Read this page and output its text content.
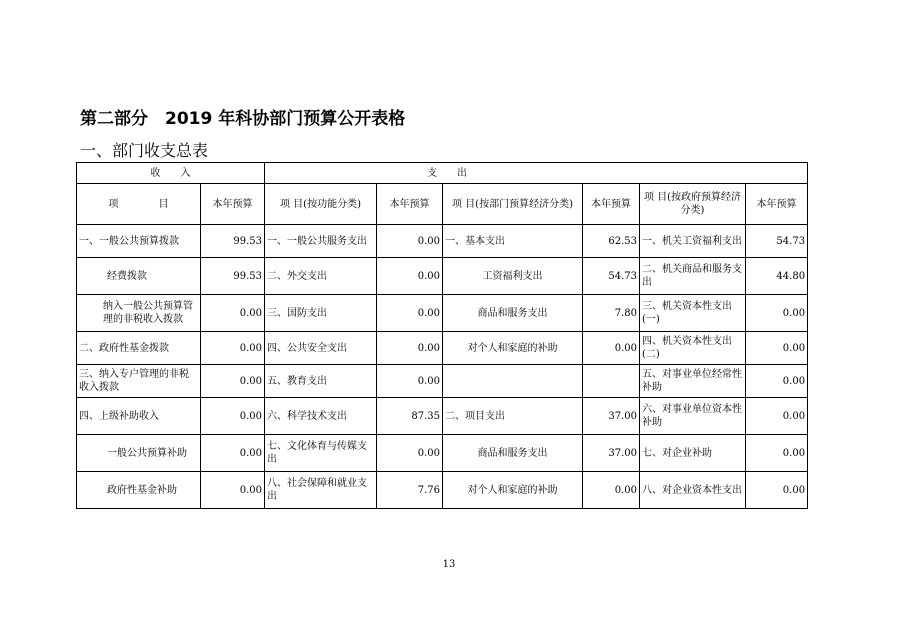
第二部分　2019 年科协部门预算公开表格
一、部门收支总表
收　　入		支　　出					
项　　　　目	本年预算	项 目(按功能分类)	本年预算	项 目(按部门预算经济分类)	本年预算	项 目(按政府预算经济分类)	本年预算
一、一般公共预算拨款	99.53	一、一般公共服务支出	0.00	一、基本支出	62.53	一、机关工资福利支出	54.73
经费拨款	99.53	二、外交支出	0.00	工资福利支出	54.73	二、机关商品和服务支出	44.80
纳入一般公共预算管理的非税收入拨款	0.00	三、国防支出	0.00	商品和服务支出	7.80	三、机关资本性支出(一)	0.00
二、政府性基金拨款	0.00	四、公共安全支出	0.00	对个人和家庭的补助	0.00	四、机关资本性支出(二)	0.00
三、纳入专户管理的非税收入拨款	0.00	五、教育支出	0.00			五、对事业单位经常性补助	0.00
四、上级补助收入	0.00	六、科学技术支出	87.35	二、项目支出	37.00	六、对事业单位资本性补助	0.00
一般公共预算补助	0.00	七、文化体育与传媒支出	0.00	商品和服务支出	37.00	七、对企业补助	0.00
政府性基金补助	0.00	八、社会保障和就业支出	7.76	对个人和家庭的补助	0.00	八、对企业资本性支出	0.00
13
